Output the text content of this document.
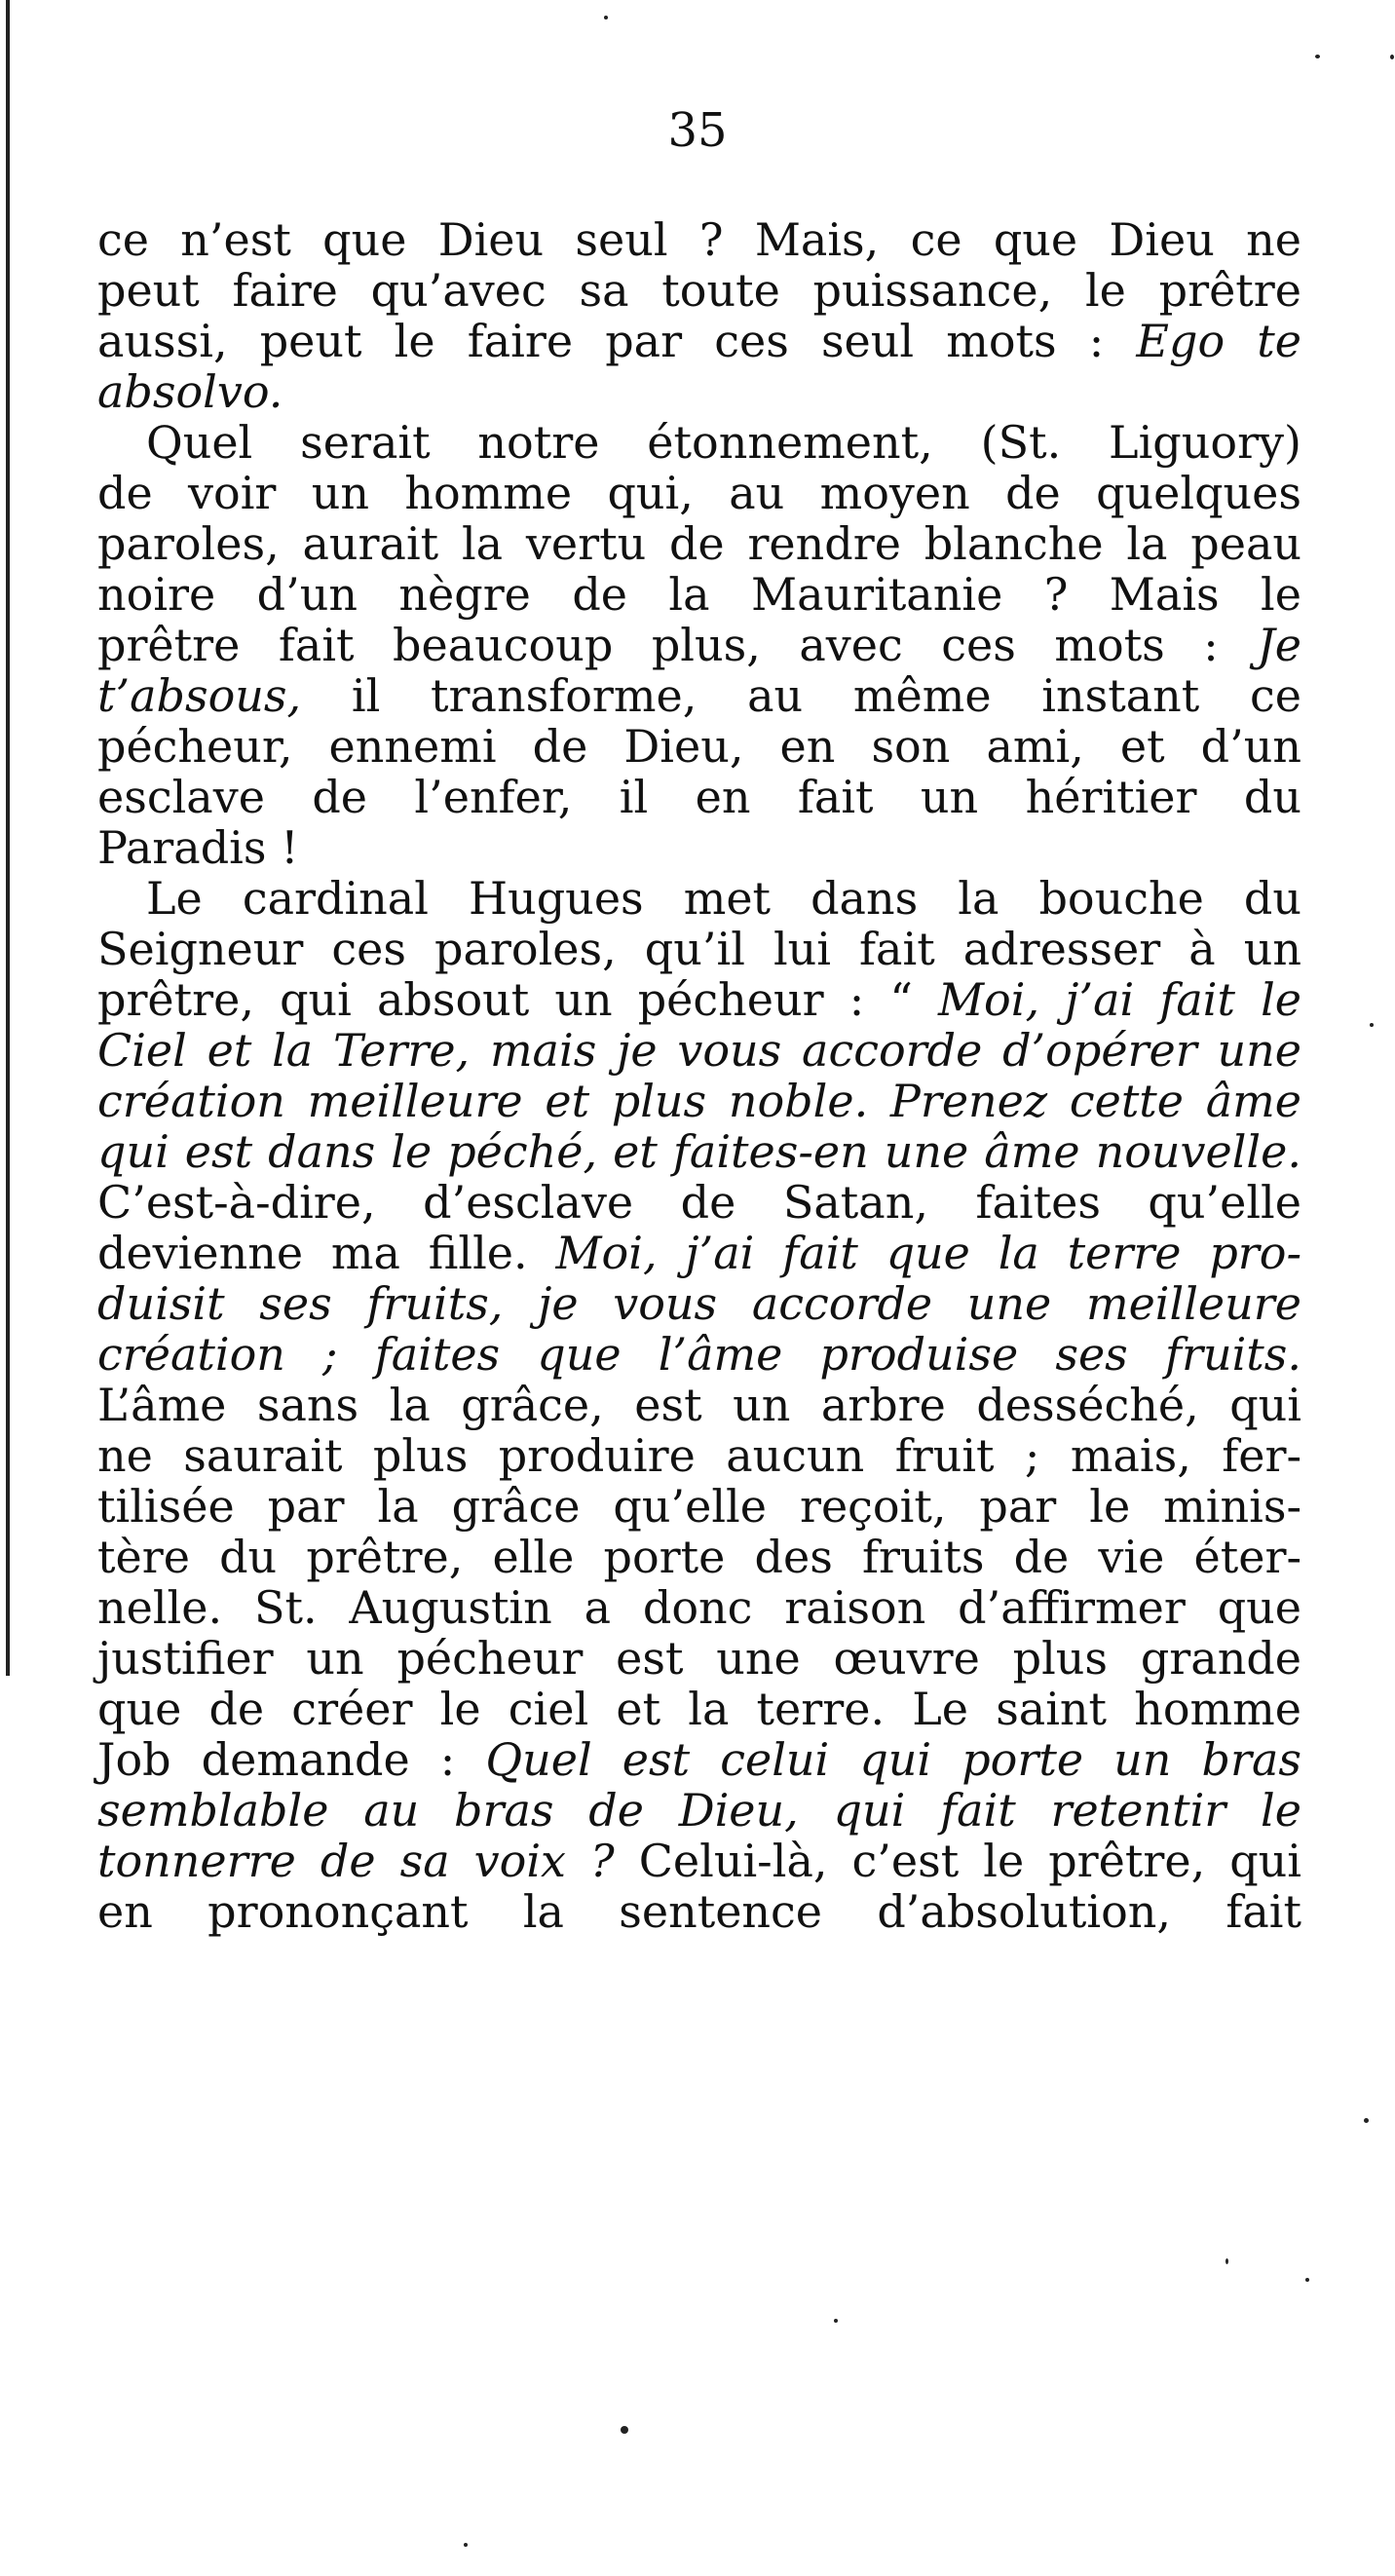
35
ce n’est que Dieu seul ? Mais, ce que Dieu ne
peut faire qu’avec sa toute puissance, le prêtre
aussi, peut le faire par ces seul mots : Ego te
absolvo.
Quel serait notre étonnement, (St. Liguory)
de voir un homme qui, au moyen de quelques
paroles, aurait la vertu de rendre blanche la peau
noire d’un nègre de la Mauritanie ? Mais le
prêtre fait beaucoup plus, avec ces mots : Je
t’absous, il transforme, au même instant ce
pécheur, ennemi de Dieu, en son ami, et d’un
esclave de l’enfer, il en fait un héritier du
Paradis !
Le cardinal Hugues met dans la bouche du
Seigneur ces paroles, qu’il lui fait adresser à un
prêtre, qui absout un pécheur : “ Moi, j’ai fait le
Ciel et la Terre, mais je vous accorde d’opérer une
création meilleure et plus noble. Prenez cette âme
qui est dans le péché, et faites-en une âme nouvelle.
C’est-à-dire, d’esclave de Satan, faites qu’elle
devienne ma fille. Moi, j’ai fait que la terre pro-
duisit ses fruits, je vous accorde une meilleure
création ; faites que l’âme produise ses fruits.
L’âme sans la grâce, est un arbre desséché, qui
ne saurait plus produire aucun fruit ; mais, fer-
tilisée par la grâce qu’elle reçoit, par le minis-
tère du prêtre, elle porte des fruits de vie éter-
nelle. St. Augustin a donc raison d’affirmer que
justifier un pécheur est une œuvre plus grande
que de créer le ciel et la terre. Le saint homme
Job demande : Quel est celui qui porte un bras
semblable au bras de Dieu, qui fait retentir le
tonnerre de sa voix ? Celui-là, c’est le prêtre, qui
en prononçant la sentence d’absolution, fait
